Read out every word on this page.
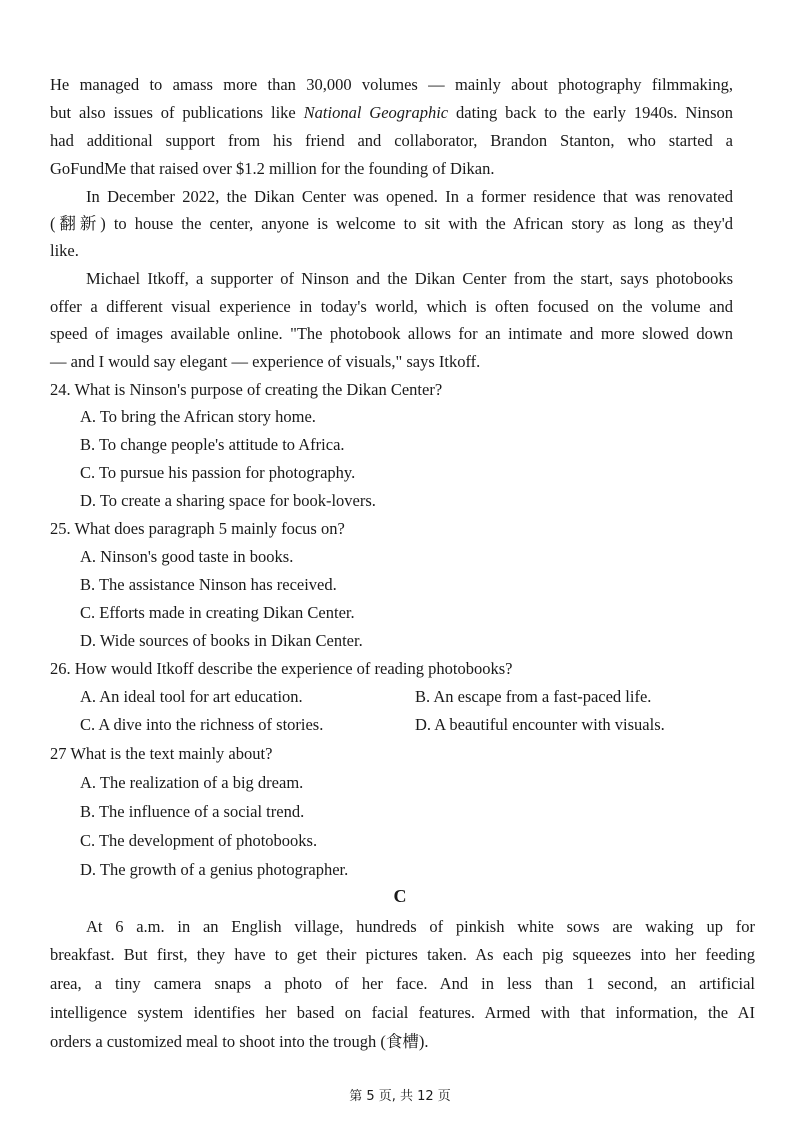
He managed to amass more than 30,000 volumes — mainly about photography filmmaking,
but also issues of publications like National Geographic dating back to the early 1940s. Ninson
had additional support from his friend and collaborator, Brandon Stanton, who started a
GoFundMe that raised over $1.2 million for the founding of Dikan.
In December 2022, the Dikan Center was opened. In a former residence that was renovated
(翻新) to house the center, anyone is welcome to sit with the African story as long as they'd
like.
Michael Itkoff, a supporter of Ninson and the Dikan Center from the start, says photobooks
offer a different visual experience in today's world, which is often focused on the volume and
speed of images available online. "The photobook allows for an intimate and more slowed down
— and I would say elegant — experience of visuals," says Itkoff.
24. What is Ninson's purpose of creating the Dikan Center?
A. To bring the African story home.
B. To change people's attitude to Africa.
C. To pursue his passion for photography.
D. To create a sharing space for book-lovers.
25. What does paragraph 5 mainly focus on?
A. Ninson's good taste in books.
B. The assistance Ninson has received.
C. Efforts made in creating Dikan Center.
D. Wide sources of books in Dikan Center.
26. How would Itkoff describe the experience of reading photobooks?
A. An ideal tool for art education.	B. An escape from a fast-paced life.
C. A dive into the richness of stories.	D. A beautiful encounter with visuals.
27 What is the text mainly about?
A. The realization of a big dream.
B. The influence of a social trend.
C. The development of photobooks.
D. The growth of a genius photographer.
C
At 6 a.m. in an English village, hundreds of pinkish white sows are waking up for
breakfast. But first, they have to get their pictures taken. As each pig squeezes into her feeding
area, a tiny camera snaps a photo of her face. And in less than 1 second, an artificial
intelligence system identifies her based on facial features. Armed with that information, the AI
orders a customized meal to shoot into the trough (食槽).
第 5 页, 共 12 页
